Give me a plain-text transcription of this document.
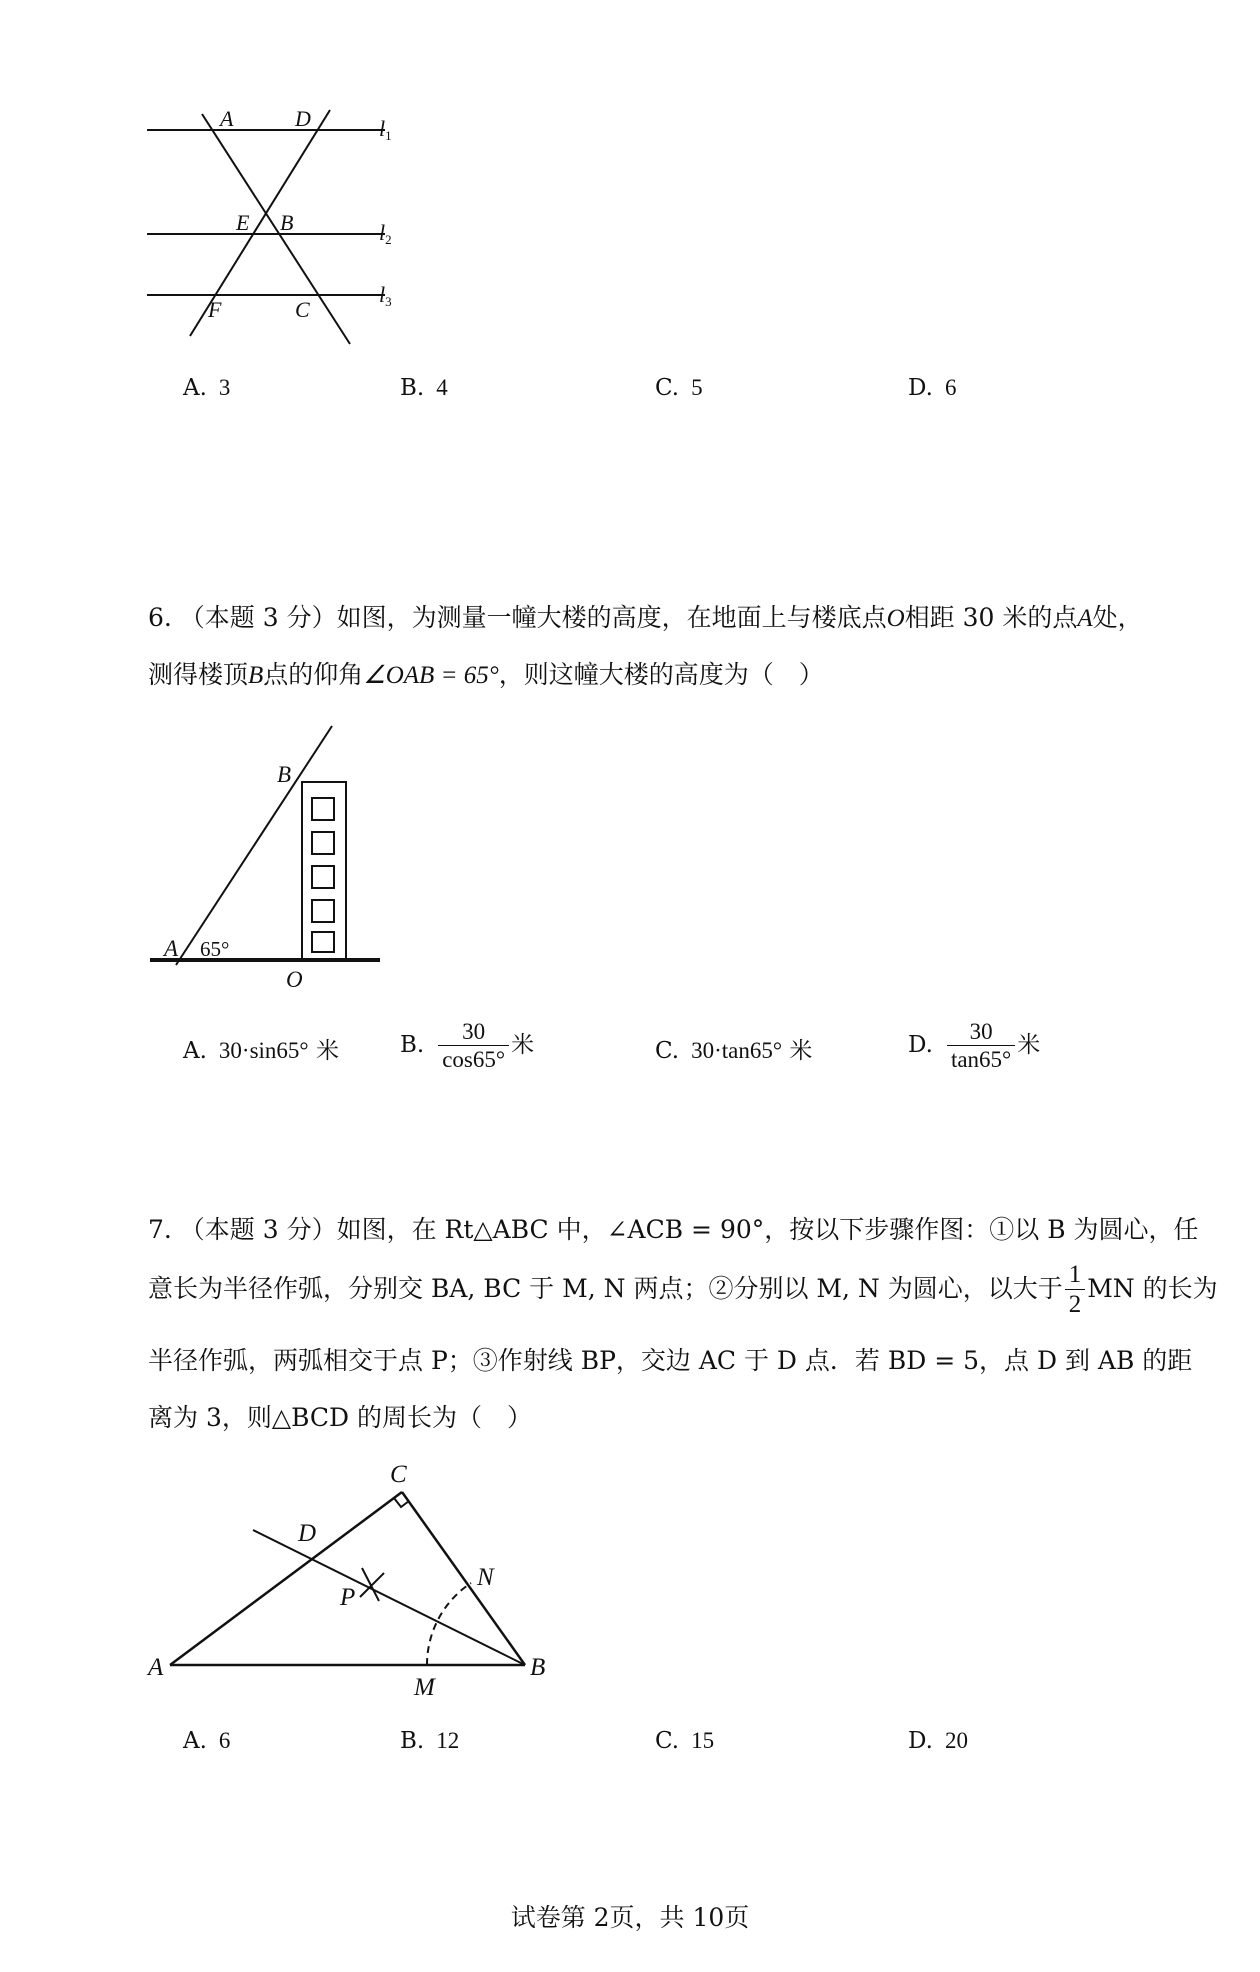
A	D
E B
F	C
l1
l2
l3
A. 3	B. 4	C. 5	D. 6
6. （本题 3 分）如图，为测量一幢大楼的高度，在地面上与楼底点O相距 30 米的点A处，
测得楼顶B点的仰角∠OAB = 65°，则这幢大楼的高度为（　）
A
B
O
65°
A. 30·sin65° 米	B. $\frac{30}{\cos 65^\circ}$ 米	C. 30·tan65° 米	D. $\frac{30}{\tan 65^\circ}$ 米
7. （本题 3 分）如图，在 Rt△ABC 中，∠ACB = 90°，按以下步骤作图：①以 B 为圆心，任
意长为半径作弧，分别交 BA, BC 于 M, N 两点；②分别以 M, N 为圆心，以大于 $\frac{1}{2}$ MN 的长为
半径作弧，两弧相交于点 P；③作射线 BP，交边 AC 于 D 点．若 BD = 5，点 D 到 AB 的距
离为 3，则△BCD 的周长为（　）
A	B
C
D
M
N
P
A. 6	B. 12	C. 15	D. 20
试卷第 2页，共 10页
